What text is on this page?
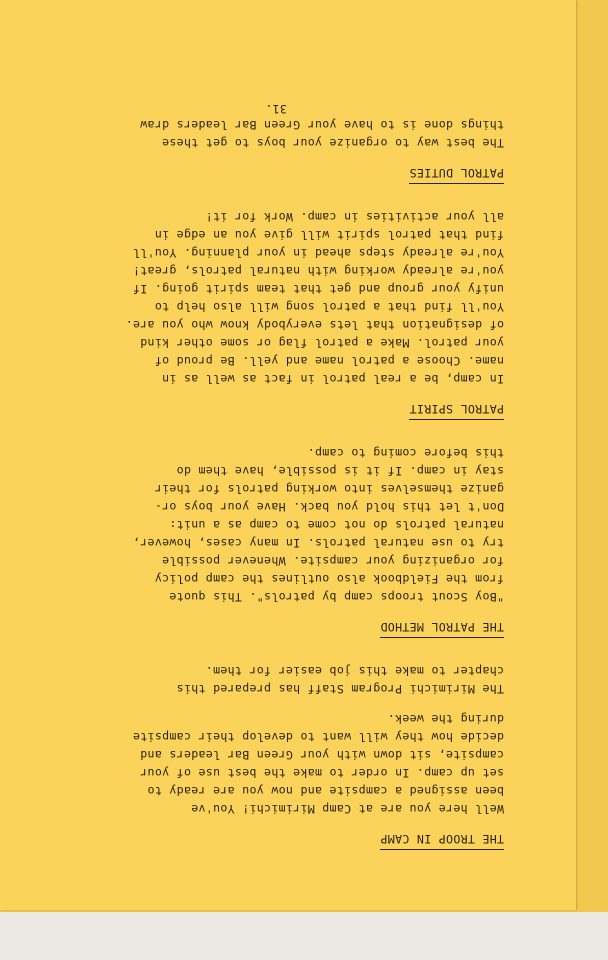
THE TROOP IN CAMP
Well here you are at Camp Mirimichi! You've
been assigned a campsite and now you are ready to
set up camp. In order to make the best use of your
campsite, sit down with your Green Bar leaders and
decide how they will want to develop their campsite
during the week.
The Mirimichi Program Staff has prepared this
chapter to make this job easier for them.
THE PATROL METHOD
"Boy Scout troops camp by patrols". This quote
from the Fieldbook also outlines the camp policy
for organizing your campsite. Whenever possible
try to use natural patrols. In many cases, however,
natural patrols do not come to camp as a unit:
Don't let this hold you back. Have your boys or-
ganize themselves into working patrols for their
stay in camp. If it is possible, have them do
this before coming to camp.
PATROL SPIRIT
In camp, be a real patrol in fact as well as in
name. Choose a patrol name and yell. Be proud of
your patrol. Make a patrol flag or some other kind
of designation that lets everybody know who you are.
You'll find that a patrol song will also help to
unify your group and get that team spirit going. If
you're already working with natural patrols, great!
You're already steps ahead in your planning. You'll
find that patrol spirit will give you an edge in
all your activities in camp. Work for it!
PATROL DUTIES
The best way to organize your boys to get these
things done is to have your Green Bar leaders draw
31.
